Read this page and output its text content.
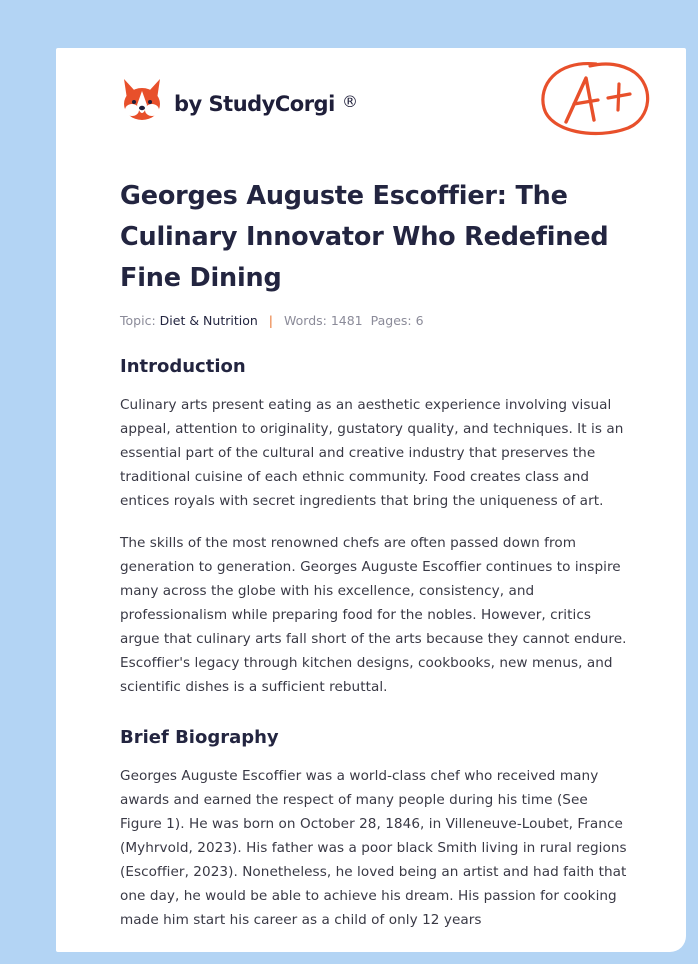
by StudyCorgi ®
Georges Auguste Escoffier: The Culinary Innovator Who Redefined Fine Dining
Topic: Diet & Nutrition | Words: 1481 Pages: 6
Introduction

Culinary arts present eating as an aesthetic experience involving visual appeal, attention to originality, gustatory quality, and techniques. It is an essential part of the cultural and creative industry that preserves the traditional cuisine of each ethnic community. Food creates class and entices royals with secret ingredients that bring the uniqueness of art.

The skills of the most renowned chefs are often passed down from generation to generation. Georges Auguste Escoffier continues to inspire many across the globe with his excellence, consistency, and professionalism while preparing food for the nobles. However, critics argue that culinary arts fall short of the arts because they cannot endure. Escoffier's legacy through kitchen designs, cookbooks, new menus, and scientific dishes is a sufficient rebuttal.

Brief Biography

Georges Auguste Escoffier was a world-class chef who received many awards and earned the respect of many people during his time (See Figure 1). He was born on October 28, 1846, in Villeneuve-Loubet, France (Myhrvold, 2023). His father was a poor black Smith living in rural regions (Escoffier, 2023). Nonetheless, he loved being an artist and had faith that one day, he would be able to achieve his dream. His passion for cooking made him start his career as a child of only 12 years
